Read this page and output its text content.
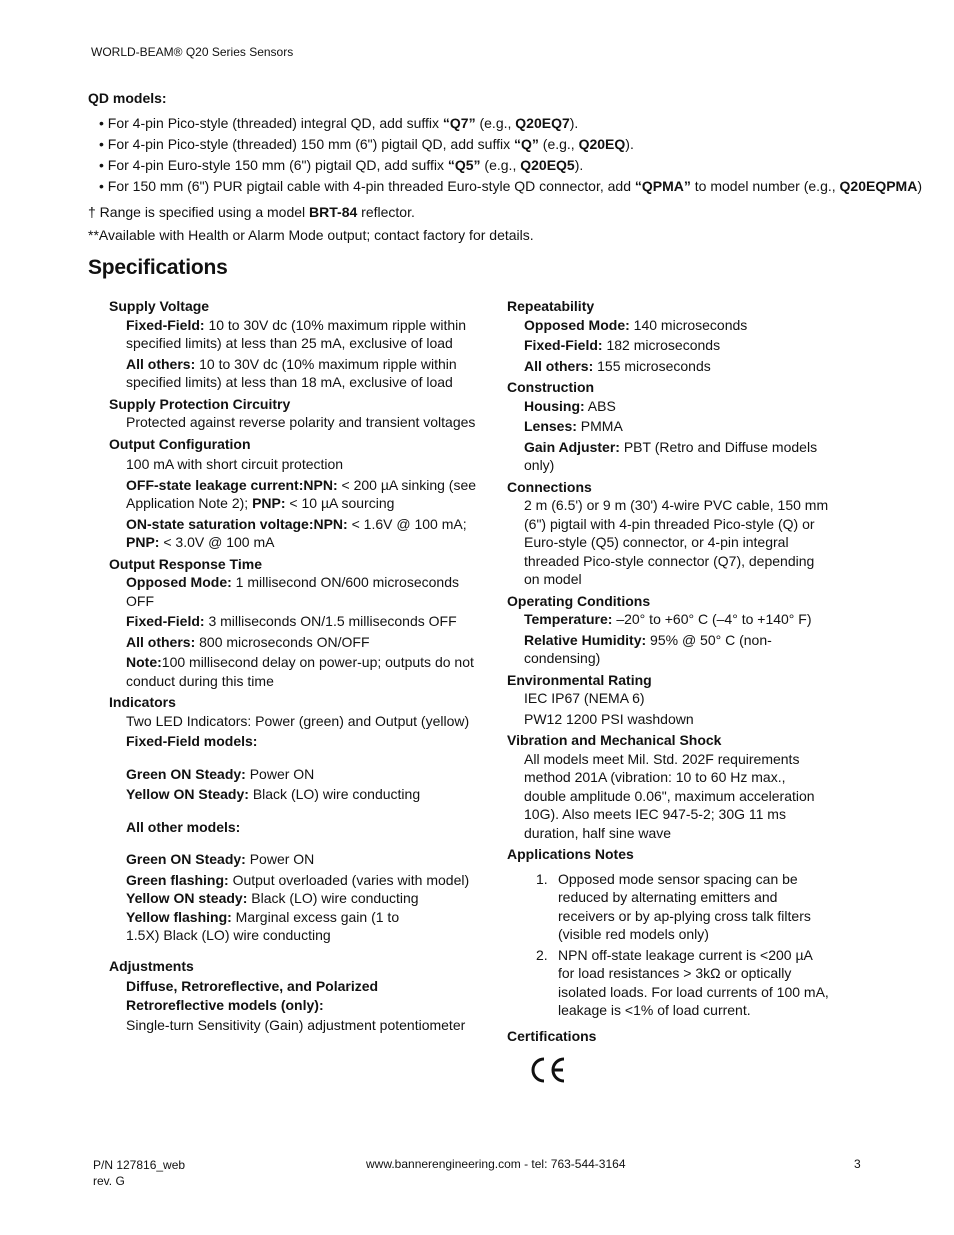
WORLD-BEAM® Q20 Series Sensors
QD models:
• For 4-pin Pico-style (threaded) integral QD, add suffix “Q7” (e.g., Q20EQ7).
• For 4-pin Pico-style (threaded) 150 mm (6") pigtail QD, add suffix “Q” (e.g., Q20EQ).
• For 4-pin Euro-style 150 mm (6") pigtail QD, add suffix “Q5” (e.g., Q20EQ5).
• For 150 mm (6") PUR pigtail cable with 4-pin threaded Euro-style QD connector, add “QPMA” to model number (e.g., Q20EQPMA)
† Range is specified using a model BRT-84 reflector.
**Available with Health or Alarm Mode output; contact factory for details.
Specifications
Supply Voltage
Fixed-Field: 10 to 30V dc (10% maximum ripple within specified limits) at less than 25 mA, exclusive of load
All others: 10 to 30V dc (10% maximum ripple within specified limits) at less than 18 mA, exclusive of load
Supply Protection Circuitry
Protected against reverse polarity and transient voltages
Output Configuration
100 mA with short circuit protection
OFF-state leakage current:NPN: < 200 µA sinking (see Application Note 2); PNP: < 10 µA sourcing
ON-state saturation voltage:NPN: < 1.6V @ 100 mA; PNP: < 3.0V @ 100 mA
Output Response Time
Opposed Mode: 1 millisecond ON/600 microseconds OFF
Fixed-Field: 3 milliseconds ON/1.5 milliseconds OFF
All others: 800 microseconds ON/OFF
Note:100 millisecond delay on power-up; outputs do not conduct during this time
Indicators
Two LED Indicators: Power (green) and Output (yellow)
Fixed-Field models:
Green ON Steady: Power ON
Yellow ON Steady: Black (LO) wire conducting
All other models:
Green ON Steady: Power ON
Green flashing: Output overloaded (varies with model)
Yellow ON steady: Black (LO) wire conducting
Yellow flashing: Marginal excess gain (1 to 1.5X) Black (LO) wire conducting
Adjustments
Diffuse, Retroreflective, and Polarized Retroreflective models (only):
Single-turn Sensitivity (Gain) adjustment potentiometer
Repeatability
Opposed Mode: 140 microseconds
Fixed-Field: 182 microseconds
All others: 155 microseconds
Construction
Housing: ABS
Lenses: PMMA
Gain Adjuster: PBT (Retro and Diffuse models only)
Connections
2 m (6.5') or 9 m (30') 4-wire PVC cable, 150 mm (6") pigtail with 4-pin threaded Pico-style (Q) or Euro-style (Q5) connector, or 4-pin integral threaded Pico-style connector (Q7), depending on model
Operating Conditions
Temperature: –20° to +60° C (–4° to +140° F)
Relative Humidity: 95% @ 50° C (non-condensing)
Environmental Rating
IEC IP67 (NEMA 6)
PW12 1200 PSI washdown
Vibration and Mechanical Shock
All models meet Mil. Std. 202F requirements method 201A (vibration: 10 to 60 Hz max., double amplitude 0.06", maximum acceleration 10G). Also meets IEC 947-5-2; 30G 11 ms duration, half sine wave
Applications Notes
1. Opposed mode sensor spacing can be reduced by alternating emitters and receivers or by ap-plying cross talk filters (visible red models only)
2. NPN off-state leakage current is <200 µA for load resistances > 3kΩ or optically isolated loads. For load currents of 100 mA, leakage is <1% of load current.
Certifications
P/N 127816_web
rev. G
www.bannerengineering.com - tel: 763-544-3164	3
